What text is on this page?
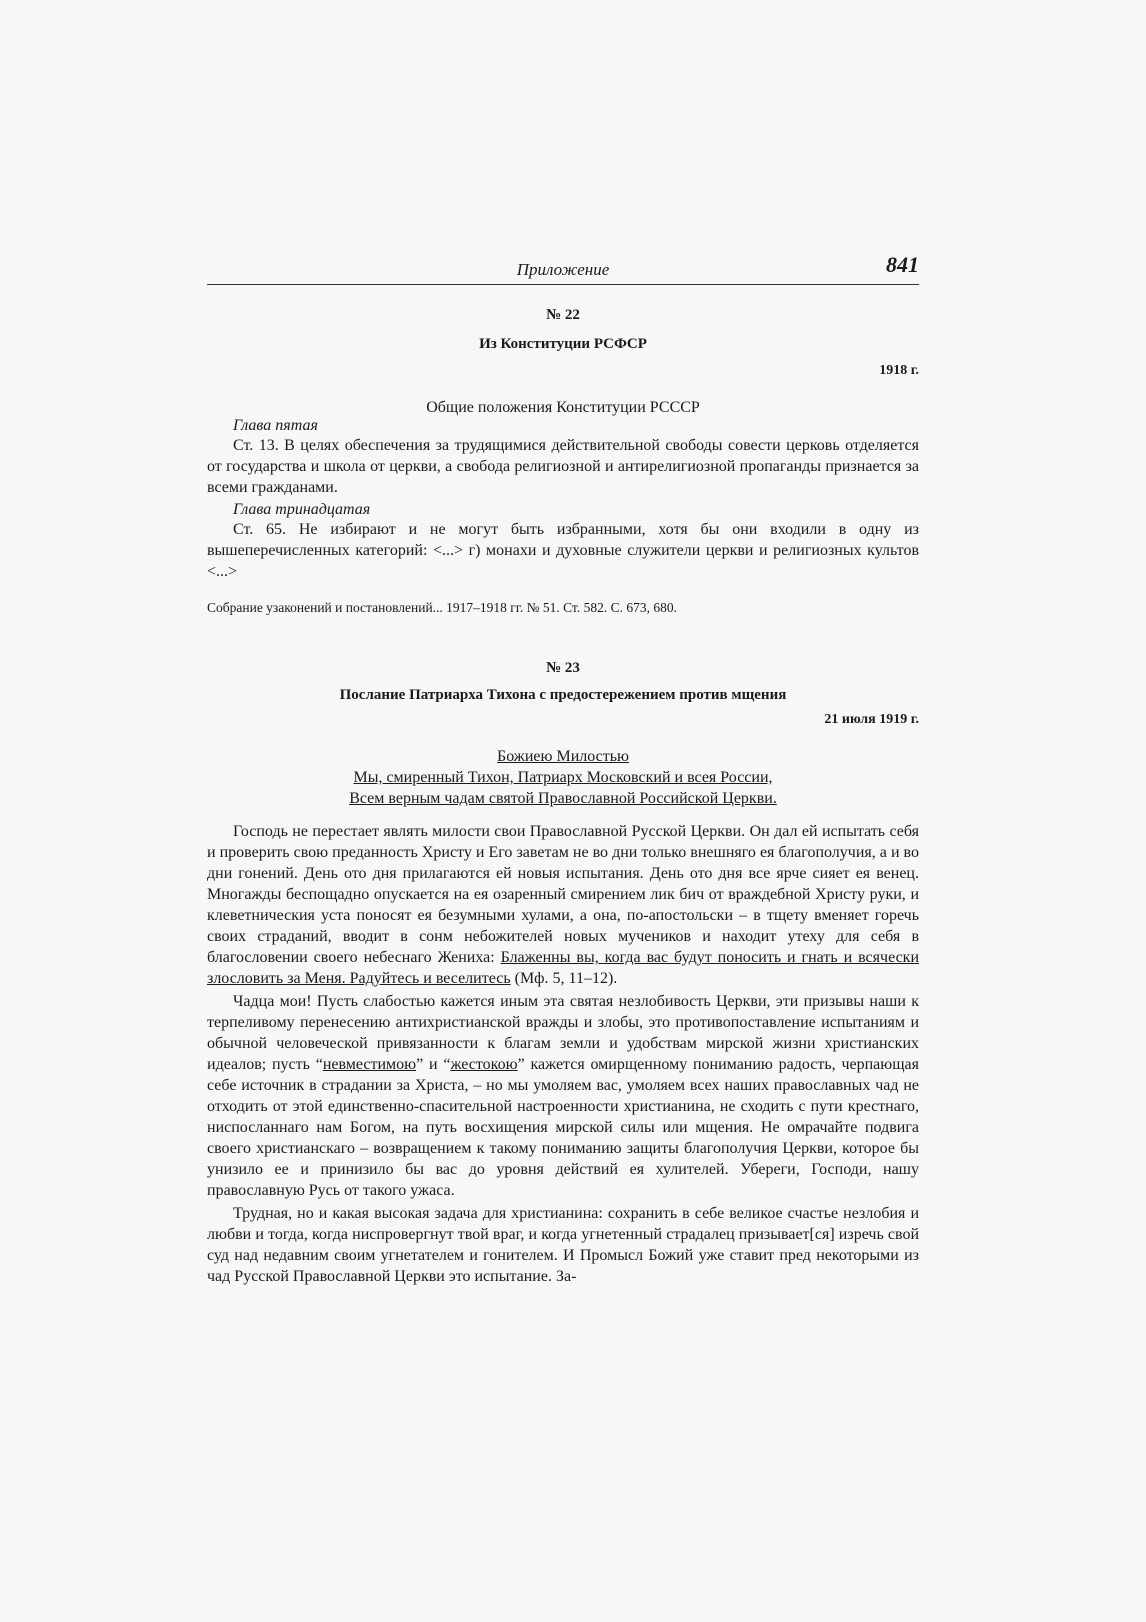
Приложение	841
№ 22
Из Конституции РСФСР
1918 г.
Общие положения Конституции РСССР
Глава пятая

Ст. 13. В целях обеспечения за трудящимися действительной свободы совести церковь отделяется от государства и школа от церкви, а свобода религиозной и антирелигиозной пропаганды признается за всеми гражданами.

Глава тринадцатая

Ст. 65. Не избирают и не могут быть избранными, хотя бы они входили в одну из вышеперечисленных категорий: <...> г) монахи и духовные служители церкви и религиозных культов <...>

Собрание узаконений и постановлений... 1917–1918 гг. № 51. Ст. 582. С. 673, 680.
№ 23
Послание Патриарха Тихона с предостережением против мщения
21 июля 1919 г.
Божиею Милостью
Мы, смиренный Тихон, Патриарх Московский и всея России,
Всем верным чадам святой Православной Российской Церкви.

Господь не перестает являть милости свои Православной Русской Церкви. Он дал ей испытать себя и проверить свою преданность Христу и Его заветам не во дни только внешняго ея благополучия, а и во дни гонений. День ото дня прилагаются ей новыя испытания. День ото дня все ярче сияет ея венец. Многажды беспощадно опускается на ея озаренный смирением лик бич от враждебной Христу руки, и клеветническия уста поносят ея безумными хулами, а она, по-апостольски – в тщету вменяет горечь своих страданий, вводит в сонм небожителей новых мучеников и находит утеху для себя в благословении своего небеснаго Жениха: Блаженны вы, когда вас будут поносить и гнать и всячески злословить за Меня. Радуйтесь и веселитесь (Мф. 5, 11–12).

Чадца мои! Пусть слабостью кажется иным эта святая незлобивость Церкви, эти призывы наши к терпеливому перенесению антихристианской вражды и злобы, это противопоставление испытаниям и обычной человеческой привязанности к благам земли и удобствам мирской жизни христианских идеалов; пусть “невместимою” и “жестокою” кажется омирщенному пониманию радость, черпающая себе источник в страдании за Христа, – но мы умоляем вас, умоляем всех наших православных чад не отходить от этой единственно-спасительной настроенности христианина, не сходить с пути крестнаго, ниспосланнаго нам Богом, на путь восхищения мирской силы или мщения. Не омрачайте подвига своего христианскаго – возвращением к такому пониманию защиты благополучия Церкви, которое бы унизило ее и принизило бы вас до уровня действий ея хулителей. Убереги, Господи, нашу православную Русь от такого ужаса.

Трудная, но и какая высокая задача для христианина: сохранить в себе великое счастье незлобия и любви и тогда, когда ниспровергнут твой враг, и когда угнетенный страдалец призывает[ся] изречь свой суд над недавним своим угнетателем и гонителем. И Промысл Божий уже ставит пред некоторыми из чад Русской Православной Церкви это испытание. За-
